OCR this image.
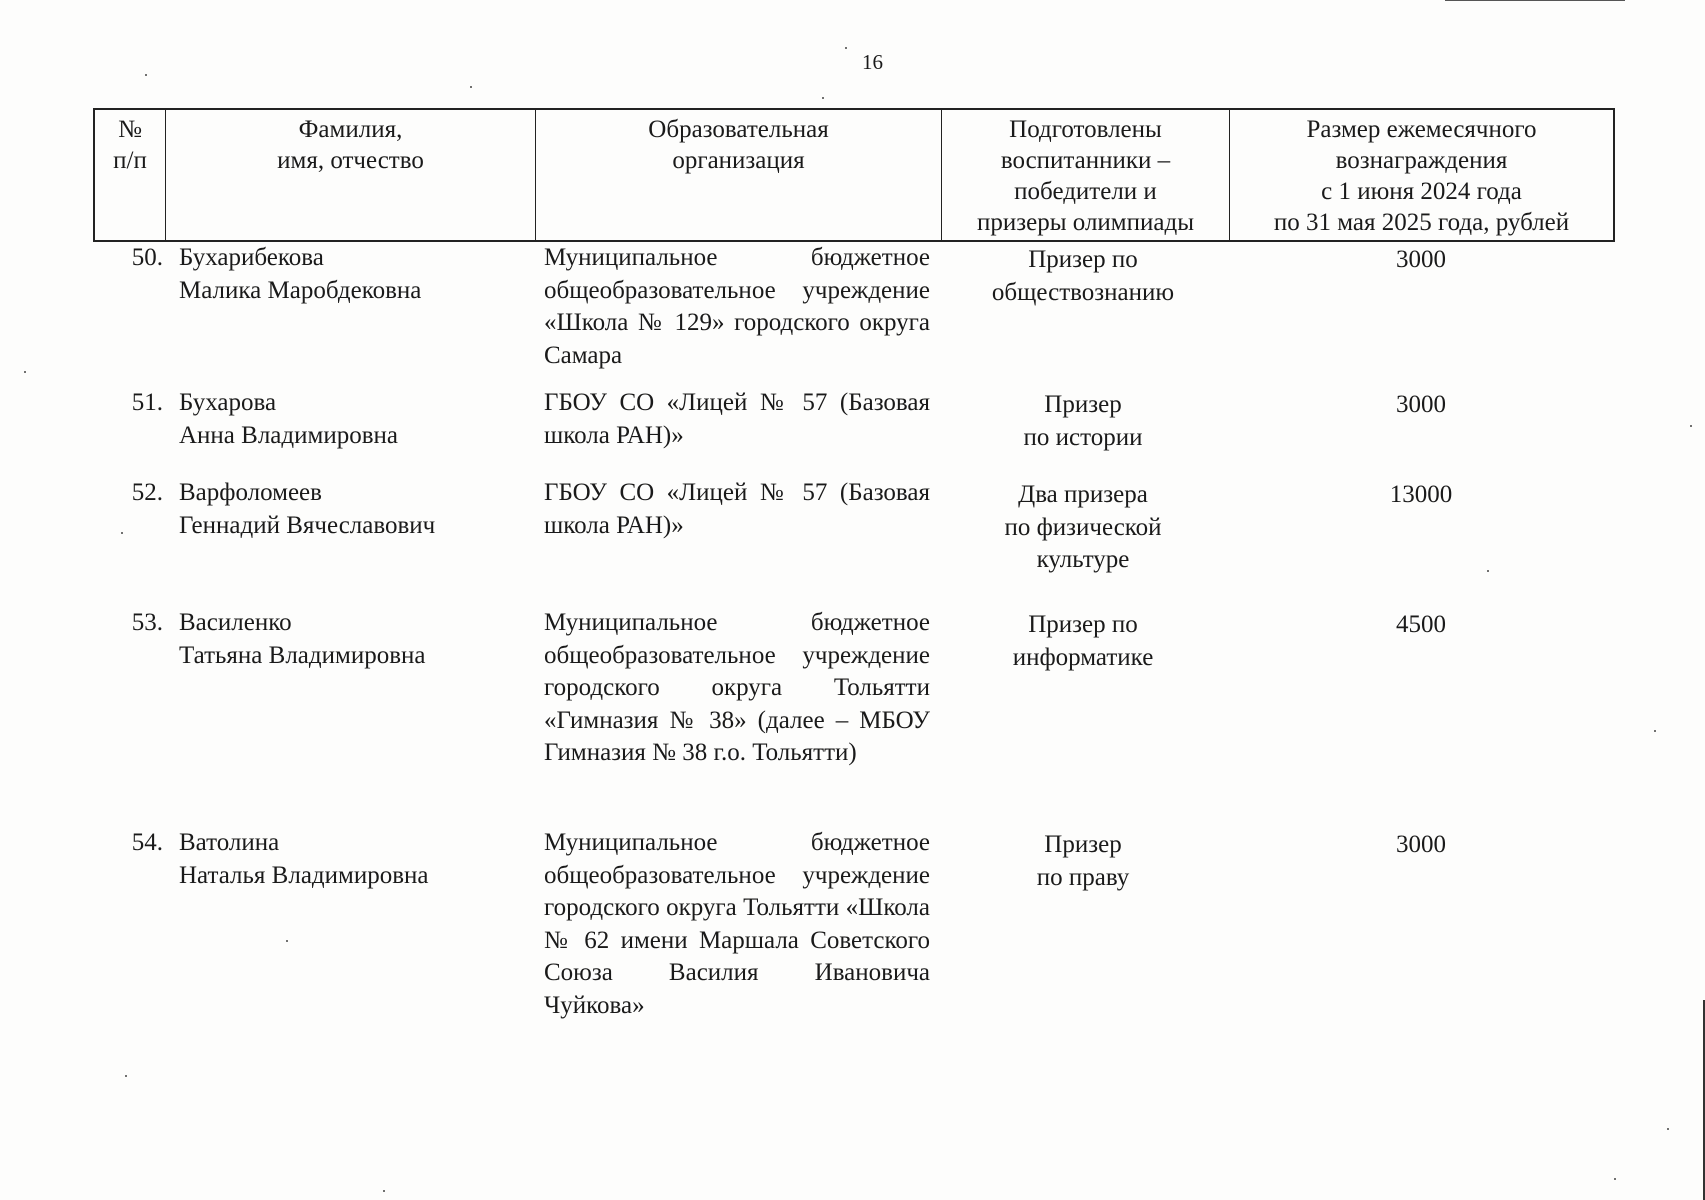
16
№
п/п
Фамилия,
имя, отчество
Образовательная
организация
Подготовлены
воспитанники –
победители и
призеры олимпиады
Размер ежемесячного
вознаграждения
с 1 июня 2024 года
по 31 мая 2025 года, рублей
50. Бухарибекова
Малика Маробдековна
Муниципальное бюджетное общеобразовательное учреждение «Школа № 129» городского округа Самара
Призер по
обществознанию
3000
51. Бухарова
Анна Владимировна
ГБОУ СО «Лицей № 57 (Базовая школа РАН)»
Призер
по истории
3000
52. Варфоломеев
Геннадий Вячеславович
ГБОУ СО «Лицей № 57 (Базовая школа РАН)»
Два призера
по физической
культуре
13000
53. Василенко
Татьяна Владимировна
Муниципальное бюджетное общеобразовательное учреждение городского округа Тольятти «Гимназия № 38» (далее – МБОУ Гимназия № 38 г.о. Тольятти)
Призер по
информатике
4500
54. Ватолина
Наталья Владимировна
Муниципальное бюджетное общеобразовательное учреждение городского округа Тольятти «Школа № 62 имени Маршала Советского Союза Василия Ивановича Чуйкова»
Призер
по праву
3000
